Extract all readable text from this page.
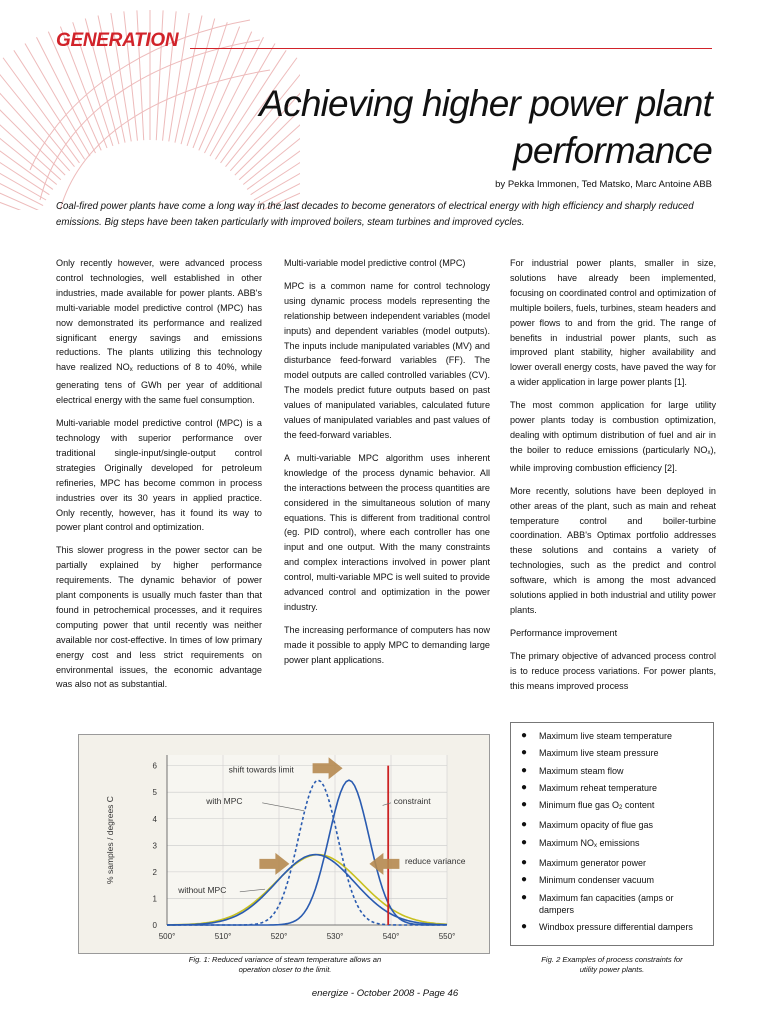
GENERATION
Achieving higher power plant
performance
by Pekka Immonen, Ted Matsko, Marc Antoine ABB
Coal-fired power plants have come a long way in the last decades to become generators of electrical energy with high efficiency and sharply reduced emissions. Big steps have been taken particularly with improved boilers, steam turbines and improved cycles.

Only recently however, were advanced process control technologies, well established in other industries, made available for power plants. ABB's multi-variable model predictive control (MPC) has now demonstrated its performance and realized significant energy savings and emissions reductions. The plants utilizing this technology have realized $NO_x$ reductions of 8 to 40%, while generating tens of GWh per year of additional electrical energy with the same fuel consumption.

Multi-variable model predictive control (MPC) is a technology with superior performance over traditional single-input/single-output control strategies Originally developed for petroleum refineries, MPC has become common in process industries over its 30 years in applied practice. Only recently, however, has it found its way to power plant control and optimization.

This slower progress in the power sector can be partially explained by higher performance requirements. The dynamic behavior of power plant components is usually much faster than that found in petrochemical processes, and it requires computing power that until recently was neither available nor cost-effective. In times of low primary energy cost and less strict requirements on environmental issues, the economic advantage was also not as substantial.

Multi-variable model predictive control (MPC)

MPC is a common name for control technology using dynamic process models representing the relationship between independent variables (model inputs) and dependent variables (model outputs). The inputs include manipulated variables (MV) and disturbance feed-forward variables (FF). The model outputs are called controlled variables (CV). The models predict future outputs based on past values of manipulated variables, calculated future values of manipulated variables and past values of the feed-forward variables.

A multi-variable MPC algorithm uses inherent knowledge of the process dynamic behavior. All the interactions between the process quantities are considered in the simultaneous solution of many equations. This is different from traditional control (eg. PID control), where each controller has one input and one output. With the many constraints and complex interactions involved in power plant control, multi-variable MPC is well suited to provide advanced control and optimization in the power industry.

The increasing performance of computers has now made it possible to apply MPC to demanding large power plant applications.

For industrial power plants, smaller in size, solutions have already been implemented, focusing on coordinated control and optimization of multiple boilers, fuels, turbines, steam headers and power flows to and from the grid. The range of benefits in industrial power plants, such as improved plant stability, higher availability and lower overall energy costs, have paved the way for a wider application in large power plants [1].

The most common application for large utility power plants today is combustion optimization, dealing with optimum distribution of fuel and air in the boiler to reduce emissions (particularly $NO_x$), while improving combustion efficiency [2].

More recently, solutions have been deployed in other areas of the plant, such as main and reheat temperature control and boiler-turbine coordination. ABB's Optimax portfolio addresses these solutions and contains a variety of technologies, such as the predict and control software, which is among the most advanced solutions applied in both industrial and utility power plants.

Performance improvement

The primary objective of advanced process control is to reduce process variations. For power plants, this means improved process

0
1
2
3
4
5
6
500°	510°	520°	530°	540°	550°
% samples / degrees C
shift towards limit
with MPC	constraint
reduce variance
without MPC
Fig. 1: Reduced variance of steam temperature allows an
operation closer to the limit.
● Maximum live steam temperature
● Maximum live steam pressure
● Maximum steam flow
● Maximum reheat temperature
● Minimum flue gas $O_2$ content
● Maximum opacity of flue gas
● Maximum $NO_x$ emissions
● Maximum generator power
● Minimum condenser vacuum
● Maximum fan capacities (amps or dampers
● Windbox pressure differential dampers
Fig. 2 Examples of process constraints for
utility power plants.
energize - October 2008 - Page 46
